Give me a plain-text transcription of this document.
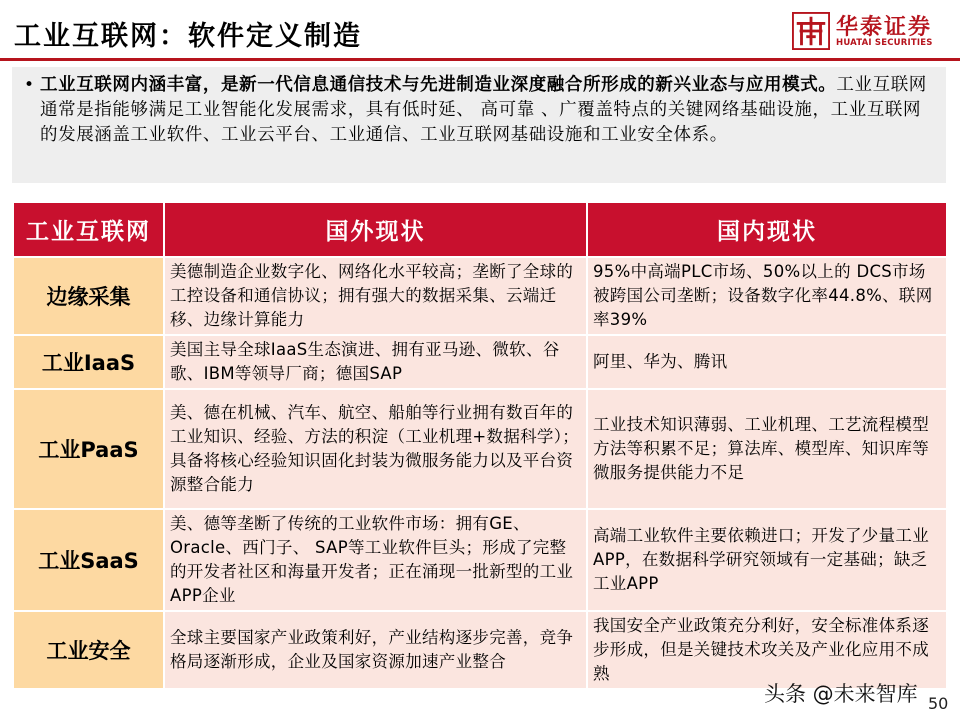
工业互联网：软件定义制造	华泰证券
HUATAI SECURITIES
• 工业互联网内涵丰富，是新一代信息通信技术与先进制造业深度融合所形成的新兴业态与应用模式。工业互联网通常是指能够满足工业智能化发展需求，具有低时延、 高可靠 、广覆盖特点的关键网络基础设施，工业互联网的发展涵盖工业软件、工业云平台、工业通信、工业互联网基础设施和工业安全体系。
工业互联网	国外现状	国内现状
边缘采集	美德制造企业数字化、网络化水平较高；垄断了全球的工控设备和通信协议；拥有强大的数据采集、云端迁移、边缘计算能力	95%中高端PLC市场、50%以上的 DCS市场被跨国公司垄断；设备数字化率44.8%、联网率39%
工业IaaS	美国主导全球IaaS生态演进、拥有亚马逊、微软、谷歌、IBM等领导厂商；德国SAP	阿里、华为、腾讯
工业PaaS	美、德在机械、汽车、航空、船舶等行业拥有数百年的工业知识、经验、方法的积淀（工业机理+数据科学）；具备将核心经验知识固化封装为微服务能力以及平台资源整合能力	工业技术知识薄弱、工业机理、工艺流程模型方法等积累不足；算法库、模型库、知识库等微服务提供能力不足
工业SaaS	美、德等垄断了传统的工业软件市场：拥有GE、Oracle、西门子、 SAP等工业软件巨头；形成了完整的开发者社区和海量开发者；正在涌现一批新型的工业APP企业	高端工业软件主要依赖进口；开发了少量工业APP，在数据科学研究领域有一定基础；缺乏工业APP
工业安全	全球主要国家产业政策利好，产业结构逐步完善，竞争格局逐渐形成，企业及国家资源加速产业整合	我国安全产业政策充分利好，安全标准体系逐步形成，但是关键技术攻关及产业化应用不成熟
头条 @未来智库 50
